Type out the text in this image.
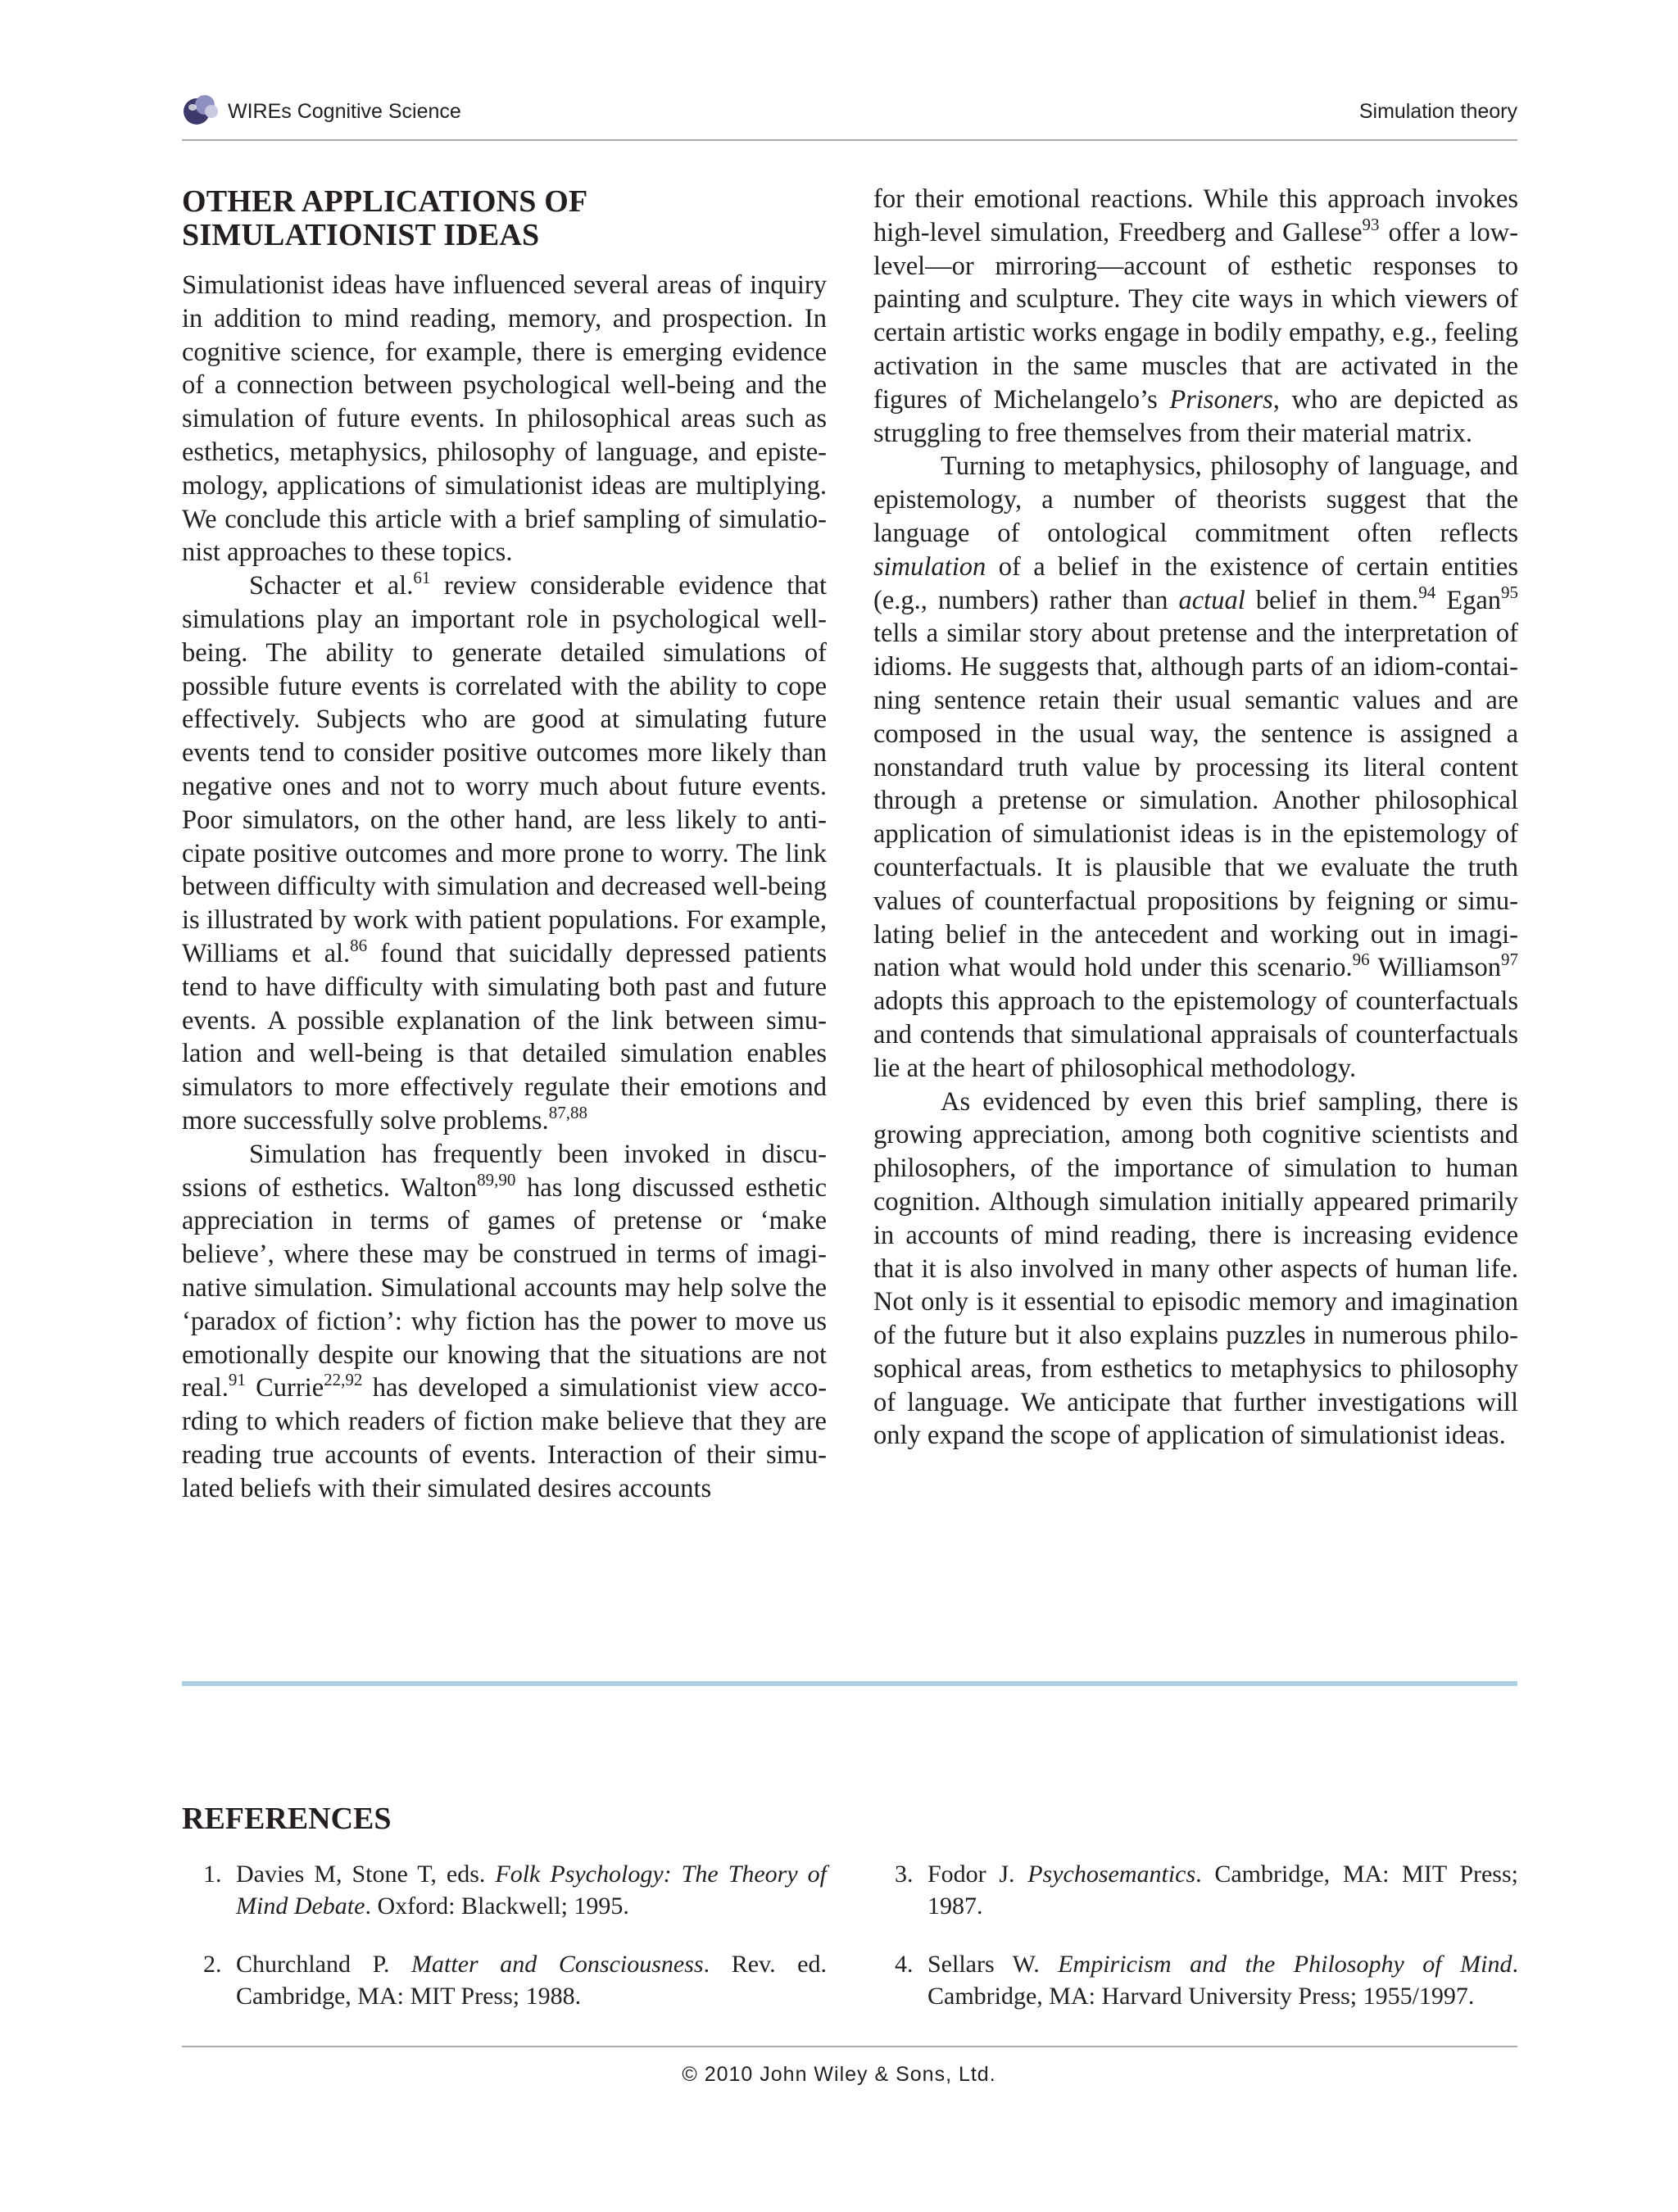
WIREs Cognitive Science	Simulation theory
OTHER APPLICATIONS OF SIMULATIONIST IDEAS

Simulationist ideas have influenced several areas of inquiry in addition to mind reading, memory, and prospection. In cognitive science, for example, there is emerging evidence of a connection between psychological well-being and the simulation of future events. In philosophical areas such as esthetics, metaphysics, philosophy of language, and epistemology, applications of simulationist ideas are multiplying. We conclude this article with a brief sampling of simulationist approaches to these topics.

Schacter et al.$^{61}$ review considerable evidence that simulations play an important role in psychological well-being. The ability to generate detailed simulations of possible future events is correlated with the ability to cope effectively. Subjects who are good at simulating future events tend to consider positive outcomes more likely than negative ones and not to worry much about future events. Poor simulators, on the other hand, are less likely to anticipate positive outcomes and more prone to worry. The link between difficulty with simulation and decreased well-being is illustrated by work with patient populations. For example, Williams et al.$^{86}$ found that suicidally depressed patients tend to have difficulty with simulating both past and future events. A possible explanation of the link between simulation and well-being is that detailed simulation enables simulators to more effectively regulate their emotions and more successfully solve problems.$^{87,88}$

Simulation has frequently been invoked in discussions of esthetics. Walton$^{89,90}$ has long discussed esthetic appreciation in terms of games of pretense or ‘make believe’, where these may be construed in terms of imaginative simulation. Simulational accounts may help solve the ‘paradox of fiction’: why fiction has the power to move us emotionally despite our knowing that the situations are not real.$^{91}$ Currie$^{22,92}$ has developed a simulationist view according to which readers of fiction make believe that they are reading true accounts of events. Interaction of their simulated beliefs with their simulated desires accounts

for their emotional reactions. While this approach invokes high-level simulation, Freedberg and Gallese$^{93}$ offer a low-level—or mirroring—account of esthetic responses to painting and sculpture. They cite ways in which viewers of certain artistic works engage in bodily empathy, e.g., feeling activation in the same muscles that are activated in the figures of Michelangelo’s Prisoners, who are depicted as struggling to free themselves from their material matrix.

Turning to metaphysics, philosophy of language, and epistemology, a number of theorists suggest that the language of ontological commitment often reflects simulation of a belief in the existence of certain entities (e.g., numbers) rather than actual belief in them.$^{94}$ Egan$^{95}$ tells a similar story about pretense and the interpretation of idioms. He suggests that, although parts of an idiom-containing sentence retain their usual semantic values and are composed in the usual way, the sentence is assigned a nonstandard truth value by processing its literal content through a pretense or simulation. Another philosophical application of simulationist ideas is in the epistemology of counterfactuals. It is plausible that we evaluate the truth values of counterfactual propositions by feigning or simulating belief in the antecedent and working out in imagination what would hold under this scenario.$^{96}$ Williamson$^{97}$ adopts this approach to the epistemology of counterfactuals and contends that simulational appraisals of counterfactuals lie at the heart of philosophical methodology.

As evidenced by even this brief sampling, there is growing appreciation, among both cognitive scientists and philosophers, of the importance of simulation to human cognition. Although simulation initially appeared primarily in accounts of mind reading, there is increasing evidence that it is also involved in many other aspects of human life. Not only is it essential to episodic memory and imagination of the future but it also explains puzzles in numerous philosophical areas, from esthetics to metaphysics to philosophy of language. We anticipate that further investigations will only expand the scope of application of simulationist ideas.

REFERENCES
1. Davies M, Stone T, eds. Folk Psychology: The Theory of Mind Debate. Oxford: Blackwell; 1995.
2. Churchland P. Matter and Consciousness. Rev. ed. Cambridge, MA: MIT Press; 1988.
3. Fodor J. Psychosemantics. Cambridge, MA: MIT Press; 1987.
4. Sellars W. Empiricism and the Philosophy of Mind. Cambridge, MA: Harvard University Press; 1955/1997.
© 2010 John Wiley & Sons, Ltd.
